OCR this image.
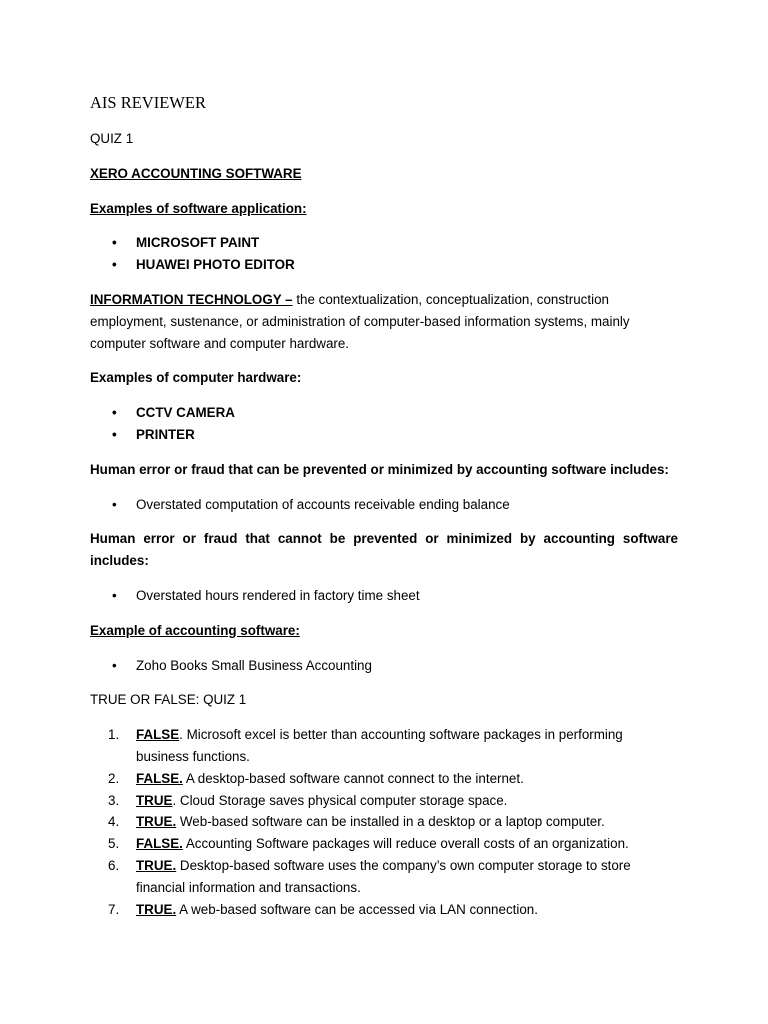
AIS REVIEWER

QUIZ 1

XERO ACCOUNTING SOFTWARE

Examples of software application:

• MICROSOFT PAINT
• HUAWEI PHOTO EDITOR

INFORMATION TECHNOLOGY – the contextualization, conceptualization, construction employment, sustenance, or administration of computer-based information systems, mainly computer software and computer hardware.

Examples of computer hardware:

• CCTV CAMERA
• PRINTER

Human error or fraud that can be prevented or minimized by accounting software includes:

• Overstated computation of accounts receivable ending balance

Human error or fraud that cannot be prevented or minimized by accounting software includes:

• Overstated hours rendered in factory time sheet

Example of accounting software:

• Zoho Books Small Business Accounting

TRUE OR FALSE: QUIZ 1

1. FALSE. Microsoft excel is better than accounting software packages in performing business functions.
2. FALSE. A desktop-based software cannot connect to the internet.
3. TRUE. Cloud Storage saves physical computer storage space.
4. TRUE. Web-based software can be installed in a desktop or a laptop computer.
5. FALSE. Accounting Software packages will reduce overall costs of an organization.
6. TRUE. Desktop-based software uses the company’s own computer storage to store financial information and transactions.
7. TRUE. A web-based software can be accessed via LAN connection.
